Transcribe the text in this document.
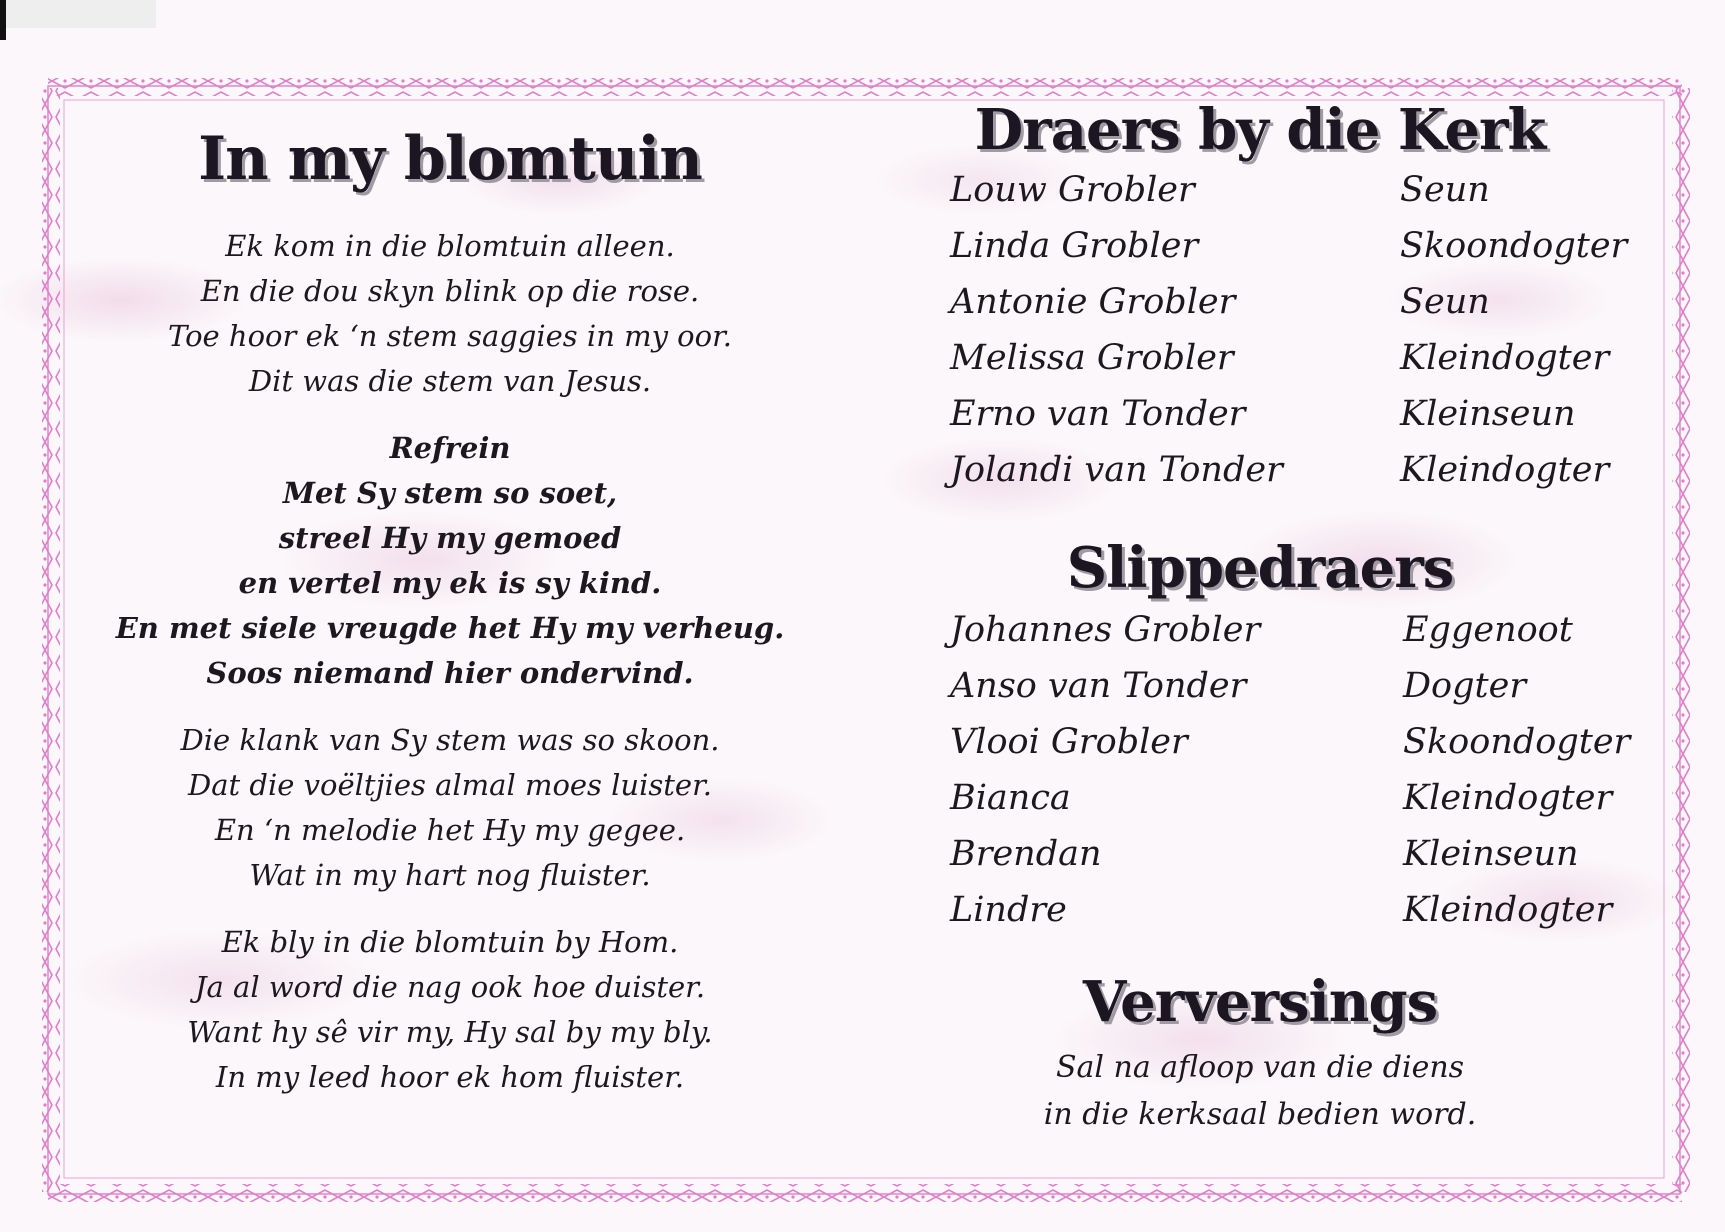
In my blomtuin
Ek kom in die blomtuin alleen.
En die dou skyn blink op die rose.
Toe hoor ek ‘n stem saggies in my oor.
Dit was die stem van Jesus.
Refrein
Met Sy stem so soet,
streel Hy my gemoed
en vertel my ek is sy kind.
En met siele vreugde het Hy my verheug.
Soos niemand hier ondervind.
Die klank van Sy stem was so skoon.
Dat die voëltjies almal moes luister.
En ‘n melodie het Hy my gegee.
Wat in my hart nog fluister.
Ek bly in die blomtuin by Hom.
Ja al word die nag ook hoe duister.
Want hy sê vir my, Hy sal by my bly.
In my leed hoor ek hom fluister.
Draers by die Kerk
Louw Grobler	Seun
Linda Grobler	Skoondogter
Antonie Grobler	Seun
Melissa Grobler	Kleindogter
Erno van Tonder	Kleinseun
Jolandi van Tonder	Kleindogter
Slippedraers
Johannes Grobler	Eggenoot
Anso van Tonder	Dogter
Vlooi Grobler	Skoondogter
Bianca	Kleindogter
Brendan	Kleinseun
Lindre	Kleindogter
Verversings
Sal na afloop van die diens
in die kerksaal bedien word.
